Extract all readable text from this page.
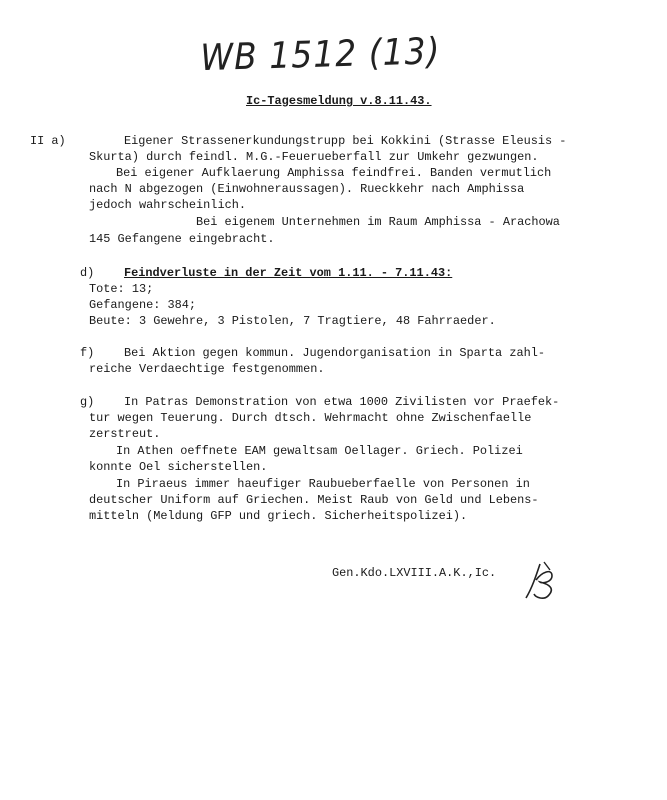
WB 1512 (13)
Ic-Tagesmeldung v.8.11.43.
II a)	Eigener Strassenerkundungstrupp bei Kokkini (Strasse Eleusis -
Skurta) durch feindl. M.G.-Feuerueberfall zur Umkehr gezwungen.
Bei eigener Aufklaerung Amphissa feindfrei. Banden vermutlich
nach N abgezogen (Einwohneraussagen). Rueckkehr nach Amphissa
jedoch wahrscheinlich.
Bei eigenem Unternehmen im Raum Amphissa - Arachowa
145 Gefangene eingebracht.
d) Feindverluste in der Zeit vom 1.11. - 7.11.43:
Tote: 13;
Gefangene: 384;
Beute: 3 Gewehre, 3 Pistolen, 7 Tragtiere, 48 Fahrraeder.
f) Bei Aktion gegen kommun. Jugendorganisation in Sparta zahl-
reiche Verdaechtige festgenommen.
g) In Patras Demonstration von etwa 1000 Zivilisten vor Praefek-
tur wegen Teuerung. Durch dtsch. Wehrmacht ohne Zwischenfaelle
zerstreut.
In Athen oeffnete EAM gewaltsam Oellager. Griech. Polizei
konnte Oel sicherstellen.
In Piraeus immer haeufiger Raubueberfaelle von Personen in
deutscher Uniform auf Griechen. Meist Raub von Geld und Lebens-
mitteln (Meldung GFP und griech. Sicherheitspolizei).
Gen.Kdo.LXVIII.A.K.,Ic.
